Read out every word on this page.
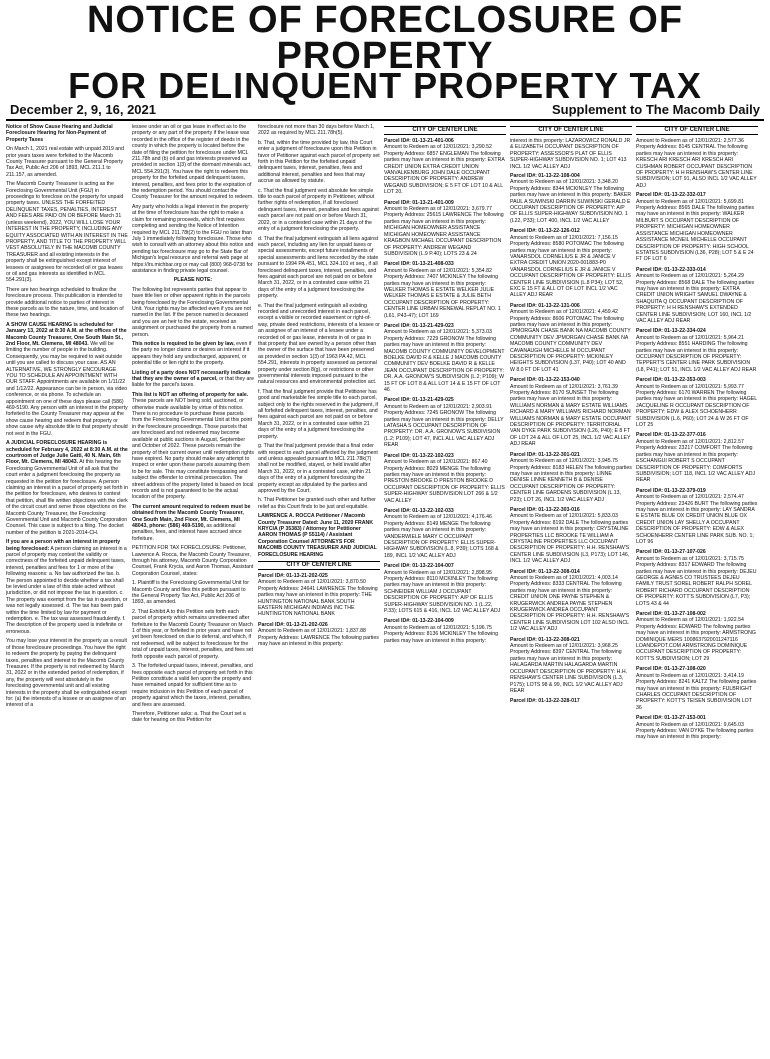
NOTICE OF FORECLOSURE OF PROPERTY
FOR DELINQUENT PROPERTY TAX
December 2, 9, 16, 2021	Supplement to The Macomb Daily

Notice of Show Cause Hearing and Judicial Foreclosure Hearing for Non-Payment of Property Taxes

On March 1, 2021 real estate with unpaid 2019 and prior years taxes were forfeited to the Macomb County Treasurer pursuant to the General Property Tax Act, Public Act 206 of 1893, MCL 211.1 to 211.157, as amended.

The Macomb County Treasurer is acting as the Foreclosing Governmental Unit (FGU) in proceedings to foreclose on the property for unpaid property taxes. UNLESS THE FORFEITED DELINQUENT TAXES, PENALTIES, INTEREST AND FEES ARE PAID ON OR BEFORE March 31 (unless weekend), 2022, YOU WILL LOSE YOUR INTEREST IN THE PROPERTY, INCLUDING ANY EQUITY ASSOCIATED WITH AN INTEREST IN THE PROPERTY, AND TITLE TO THE PROPERTY WILL VEST ABSOLUTELY IN THE MACOMB COUNTY TREASURER and all existing interests in the property shall be extinguished except interest of lessees or assignees for recorded oil or gas leases or oil and gas interests as identified in MCL 554.291(3).

There are two hearings scheduled to finalize the foreclosure process. This publication is intended to provide additional notice to parties of interest in these parcels as to the nature, time, and location of these two hearings.

A SHOW CAUSE HEARING is scheduled for January 13, 2022 at 8:30 A.M. at the offices of the Macomb County Treasurer, One South Main St., 2nd Floor, Mt. Clemens, MI 48043. We will be limiting the number of people in the building. Consequently, you may be required to wait outside until you are called to discuss your case. AS AN ALTERNATIVE, WE STRONGLY ENCOURAGE YOU TO SCHEDULE AN APPOINTMENT WITH OUR STAFF. Appointments are available on 1/11/22 and 1/12/22. Appearance can be in person, via video conference, or via phone. To schedule an appointment on one of these days please call (586) 469-5190. Any person with an interest in the property forfeited to the County Treasurer may appear at the show cause hearing and redeem that property or show cause why absolute title to that property should not vest in the FGU.

A JUDICIAL FORECLOSURE HEARING is scheduled for February 4, 2022 at 8:30 A.M. at the courtroom of Judge Julie Gatti, 40 N. Main, 6th Floor, Mt. Clemens, MI 48043. At this hearing the Foreclosing Governmental Unit of all ask that the court enter a judgment foreclosing the property as requested in the petition for foreclosure. A person claiming an interest in a parcel of property set forth in the petition for foreclosure, who desires to contest that petition, shall file written objections with the clerk of the circuit court and serve those objections on the Macomb County Treasurer, the Foreclosing Governmental Unit and Macomb County Corporation Counsel. This case is subject to a filing. The docket number of the petition is 2021-2014-CH.

If you are a person with an interest in property being foreclosed: A person claiming an interest in a parcel of property may contest the validity or correctness of the forfeited unpaid delinquent taxes, interest, penalties and fees for 1 or more of the following reasons: a. No law authorized the tax. b. The person appointed to decide whether a tax shall be levied under a law of this state acted without jurisdiction, or did not impose the tax in question. c. The property was exempt from the tax in question, or was not legally assessed. d. The tax has been paid within the time limited by law for payment or redemption. e. The tax was assessed fraudulently. f. The description of the property used is indefinite or erroneous.

You may lose your interest in the property as a result of those foreclosure proceedings. You have the right to redeem the property by paying the delinquent taxes, penalties and interest to the Macomb County Treasurer. If the property is not redeemed by March 31, 2022 or in the extended period of redemption, if any, the property will vest absolutely in the foreclosing governmental unit and all existing interests in the property shall be extinguished except for: (a) the interests of a lessee or an assignee of an interest of a

lessee under an oil or gas lease in effect as to the property or any part of the property if the lease was recorded in the office of the register of deeds in the county in which the property is located before the date of filing the petition for foreclosure under MCL 211.78h and (b) oil and gas interests preserved as provided in section 1(3) of the dormant minerals act, MCL 554.291(3). You have the right to redeem this property for the forfeited unpaid delinquent taxes, interest, penalties, and fees prior to the expiration of the redemption period. You should contact the County Treasurer for the amount required to redeem.

Any party who holds a legal interest in the property at the time of foreclosure has the right to make a claim for remaining proceeds, which first requires completing and sending the Notice of Intention required by MCL 211.78t(2) to the FGU no later than July 1 immediately following foreclosure. Those who wish to consult with an attorney about this notice and pending tax foreclosure may go to the State Bar of Michigan's legal resource and referral web page at https://lrs.michbar.org or may call (800) 968-0738 for assistance in finding private legal counsel.

PLEASE NOTE:

The following list represents parties that appear to have title lien or other apparent rights in the parcels being foreclosed by the Foreclosing Governmental Unit. Your rights may be affected even if you are not named in the list. If the person named is deceased and you are an heir to the estate, received an assignment or purchased the property from a named person.

This notice is required to be given by law, even if the party no longer claims or desires an interest if it appears they hold any undischarged, apparent, or potential title or lien right to the property.

Listing of a party does NOT necessarily indicate that they are the owner of a parcel, or that they are liable for the parcel's taxes.

This list is NOT an offering of property for sale. These parcels are NOT being sold, auctioned, or otherwise made available by virtue of this notice. There is no procedure to purchase these parcels from the Foreclosing Governmental Unit at this point in the foreclosure proceedings. Those parcels that are foreclosed and not redeemed may become available at public auctions in August, September and October of 2022. These parcels remain the property of their current owner until redemption rights have expired. No party should make any attempt to inspect or enter upon these parcels assuming them to be for sale. This may constitute trespassing and subject the offender to criminal prosecution. The street address of the property listed is based on local records and is not guaranteed to be the actual location of the property.

The current amount required to redeem must be obtained from the Macomb County Treasurer, One South Main, 2nd Floor, Mt. Clemens, MI 48043, phone: (586) 469-5190, as additional penalties, fees, and interest have accrued since forfeiture.

PETITION FOR TAX FORECLOSURE: Petitioner, Lawrence A. Rocca, the Macomb County Treasurer, through his attorney, Macomb County Corporation Counsel, Frank Krycia, and Aaron Thomas, Assistant Corporation Counsel, states:

1. Plaintiff is the Foreclosing Governmental Unit for Macomb County and files this petition pursuant to the General Property Tax Act, Public Act 206 of 1893, as amended.

2. That Exhibit A to this Petition sets forth each parcel of property which remains unredeemed after forfeiture to the Macomb County Treasurer on March 1 of this year, or forfeited in prior years and have not yet been foreclosed on due to deferral, and which, if not redeemed, will be subject to foreclosure for the total of unpaid taxes, interest, penalties, and fees set forth opposite each parcel of property.

3. The forfeited unpaid taxes, interest, penalties, and fees opposite each parcel of property set forth in this Petition constitute a valid lien upon the property and have remained unpaid for sufficient time as to require inclusion in this Petition of each parcel of property against which the taxes, interest, penalties, and fees are assessed.

Therefore, Petitioner asks: a. That the Court set a date for hearing on this Petition for

foreclosure not more than 30 days before March 1, 2022 as required by MCL 211.78h(5).

b. That, within the time provided by law, this Court enter a judgment of foreclosure upon this Petition in favor of Petitioner against each parcel of property set forth in this Petition for the forfeited unpaid delinquent taxes, interest, penalties, fees and additional interest, penalties and fees that may accrue as allowed by statute.

c. That the final judgment vest absolute fee simple title to each parcel of property in Petitioner, without further rights of redemption, if all foreclosed delinquent taxes, interest, penalties and fees against each parcel are not paid on or before March 31, 2022, or in a contested case within 21 days of the entry of a judgment foreclosing the property.

d. That the final judgment extinguish all liens against each parcel, including any lien for unpaid taxes or special assessments, except future installments of special assessments and liens recorded by the state pursuant to 1994 PA 451, MCL 324.101 et seq., if all foreclosed delinquent taxes, interest, penalties, and fees against each parcel are not paid on or before March 31, 2022, or in a contested case within 21 days of the entry of a judgment foreclosing the property.

e. That the final judgment extinguish all existing recorded and unrecorded interest in each parcel, except a visible or recorded easement or right-of-way, private deed restrictions, interests of a lessee or an assignee of an interest of a lessee under a recorded oil or gas lease, interests in oil or gas in that property that are owned by a person other than the owner of the surface that have been preserved as provided in section 1(3) of 1963 PA 42, MCL 554.291, interests in property assessed as personal property under section 8(g), or restrictions or other governmental interests imposed pursuant to the natural resources and environmental protection act.

f. That the final judgment provide that Petitioner has good and marketable fee simple title to each parcel, subject only to the rights reserved in the judgment, if all forfeited delinquent taxes, interest, penalties, and fees against each parcel are not paid on or before March 31, 2022, or in a contested case within 21 days of the entry of a judgment foreclosing the property.

g. That the final judgment provide that a final order with respect to each parcel affected by the judgment and unless appealed pursuant to MCL 211.78k(7) shall not be modified, stayed, or held invalid after March 31, 2022, or in a contested case, within 21 days of the entry of a judgment foreclosing the property except as stipulated by the parties and approved by the Court.

h. That Petitioner be granted such other and further relief as this Court finds to be just and equitable.

LAWRENCE A. ROCCA Petitioner / Macomb County Treasurer Dated: June 11, 2020 FRANK KRYCIA (P 35383) / Attorney for Petitioner AARON THOMAS (P 55114) / Assistant Corporation Counsel ATTORNEYS FOR MACOMB COUNTY TREASURER AND JUDICIAL FORECLOSURE HEARING

CITY OF CENTER LINE
Parcel ID#: 01-13-21-202-025
Amount to Redeem as of 12/01/2021: 3,870.50 Property Address: 24641 LAWRENCE The following parties may have an interest in this property: THE HUNTINGTON NATIONAL BANK SOUTH EASTERN MICHIGAN INDIANS INC THE HUNTINGTON NATIONAL BANK
Parcel ID#: 01-13-21-202-026
Amount to Redeem as of 12/01/2021: 1,837.88 Property Address: LAWRENCE The following parties may have an interest in this property:
CITY OF CENTER LINE
Parcel ID#: 01-13-21-401-006
Amount to Redeem as of 12/01/2021: 3,290.52 Property Address: 6857 ENGLEMAN The following parties may have an interest in this property: EXTRA CREDIT UNION EXTRA CREDIT UNION VANVALKENBURG JOHN DALE OCCUPANT DESCRIPTION OF PROPERTY: ANDREW WEGAND SUBDIVISION; E 5 FT OF LOT 10 & ALL LOT 20.
Parcel ID#: 01-13-21-401-009
Amount to Redeem as of 12/01/2021: 3,679.77 Property Address: 25615 LAWRENCE The following parties may have an interest in this property: MICHIGAN HOMEOWNER ASSISTANCE MICHIGAN HOMEOWNER ASSISTANCE KRAGBON MICHAEL OCCUPANT DESCRIPTION OF PROPERTY: ANDREW WEGAND SUBDIVISION (L.9 P.40); LOTS 23 & 24
Parcel ID#: 01-13-21-408-033
Amount to Redeem as of 12/01/2021: 5,354.82 Property Address: 7407 MCKINLEY The following parties may have an interest in this property: WELKER THOMAS E ESTATE WELKER JULIE WELKER THOMAS E ESTATE & JULIE BETH OCCUPANT DESCRIPTION OF PROPERTY: CENTER LINE URBAN RENEWAL REPLAT NO. 1 (L61, P43-47); LOT 169
Parcel ID#: 01-13-21-429-023
Amount to Redeem as of 12/01/2021: 5,373.03 Property Address: 7229 GRONOW The following parties may have an interest in this property: MACOMB COUNTY COMMUNITY DEVELOPMENT BOELKE DAVID R & KELLE J MACOMB COUNTY COMMUNITY DEV BOELKE DAVID R & KELLE JEAN OCCUPANT DESCRIPTION OF PROPERTY: DR. A.A. GRONOW'S SUBDIVISION (L.2; P109); W 15 FT OF LOT 8 & ALL LOT 14 & E 15 FT OF LOT 46
Parcel ID#: 01-13-21-429-025
Amount to Redeem as of 12/01/2021: 2,903.91 Property Address: 7245 GRONOW The following parties may have an interest in this property: DELLY LATASHA S OCCUPANT DESCRIPTION OF PROPERTY: DR. A.A. GRONOW'S SUBDIVISION (L.2; P109); LOT 47, INCL ALL VAC ALLEY ADJ REAR
Parcel ID#: 01-13-22-102-023
Amount to Redeem as of 12/01/2021: 867.40 Property Address: 8029 MENGE The following parties may have an interest in this property: PRESTON BROOKE D PRESTON BROOKE D OCCUPANT DESCRIPTION OF PROPERTY: ELLIS SUPER-HIGHWAY SUBDIVISION LOT 266 & 1/2 VAC ALLEY
Parcel ID#: 01-13-22-102-033
Amount to Redeem as of 12/01/2021: 4,176.46 Property Address: 8149 MENGE The following parties may have an interest in this property: VANDERWIELE MARY C OCCUPANT DESCRIPTION OF PROPERTY: ELLIS SUPER-HIGHWAY SUBDIVISION (L.8, P39); LOTS 168 & 189, INCL 1/2 VAC ALLEY ADJ
Parcel ID#: 01-13-22-104-007
Amount to Redeem as of 12/01/2021: 2,898.95 Property Address: 8110 MCKINLEY The following parties may have an interest in this property: SCHNEIDER WILLIAM J OCCUPANT DESCRIPTION OF PROPERTY: A/P OF ELLIS SUPER-HIGHWAY SUBDIVISION NO. 1 (L.22, P.33); LOTS 615 & 416, INCL 1/2 VAC ALLEY ADJ
Parcel ID#: 01-13-22-104-009
Amount to Redeem as of 12/01/2021: 5,196.75 Property Address: 8136 MCKINLEY The following parties may have an interest in this property:
CITY OF CENTER LINE

interest in this property: LAZAROWICZ RONALD JR & ELIZABETH OCCUPANT DESCRIPTION OF PROPERTY: ASSESSOR'S PLAT OF ELLIS SUPER-HIGHWAY SUBDIVISION NO. 1; LOT 413 INCL 1/2 VAC ALLEY ADJ

Parcel ID#: 01-13-22-108-004
Amount to Redeem as of 12/01/2021: 3,348.20 Property Address: 8344 MCKINLEY The following parties may have an interest in this property: BAKER PAUL A SUWINSKI DARRIN SUWINSKI GERALD E OCCUPANT DESCRIPTION OF PROPERTY: A/P OF ELLIS SUPER-HIGHWAY SUBDIVISION NO. 1 (L22, P33); LOT 400, INCL 1/2 VAC ALLEY
Parcel ID#: 01-13-22-126-012
Amount to Redeem as of 12/01/2021: 7,156.15 Property Address: 8580 POTOMAC The following parties may have an interest in this property: VANARSDOL CORNELIUS E JR & JANICE V EXTRA CREDIT UNION 2020-001883-P0 VANARSDOL CORNELIUS E JR & JANICE V OCCUPANT DESCRIPTION OF PROPERTY: ELLIS CENTER LINE SUBDIVISION (L.8 P34); LOT 52, EXC E 15 FT & ALL OT OF LOT INCL 1/2 VAC ALLEY ADJ REAR
Parcel ID#: 01-13-22-131-006
Amount to Redeem as of 12/01/2021: 4,459.42 Property Address: 8606 POTOMAC The following parties may have an interest in this property: JPMORGAN CHASE BANK NA MACOMB COUNTY COMMUNITY DEV JPMORGAN CHASE BANK NA MACOMB COUNTY COMMUNITY DEV CAVANAUGH MICHELLE M OCCUPANT DESCRIPTION OF PROPERTY: MCKINLEY HEIGHTS SUBDIVISION (L37, P40); LOT 40 AND W 8.0 FT OF LOT 41
Parcel ID#: 01-13-22-153-040
Amount to Redeem as of 12/01/2021: 3,761.39 Property Address: 8170 SUNSET The following parties may have an interest in this property: WILLIAMS NORMAN & MARY ESTATE WILLIAMS RICHARD & MARY WILLIAMS RICHARD NORMAN WILLIAMS NORMAN & MARY ESTATE OCCUPANT DESCRIPTION OF PROPERTY: TERRITORIAL VAN DYKE PARK SUBDIVISION (L26, P40); E 8 FT OF LOT 24 & ALL OF LOT 25, INCL 1/2 VAC ALLEY ADJ REAR
Parcel ID#: 01-13-22-301-021
Amount to Redeem as of 12/01/2021: 3,945.75 Property Address: 8183 HELEN The following parties may have an interest in this property: LINNE DENISE LINNE KENNETH B & DENISE OCCUPANT DESCRIPTION OF PROPERTY: CENTER LINE GARDENS SUBDIVISION (L.13, P23); LOT 26, INCL 1/2 VAC ALLEY ADJ
Parcel ID#: 01-13-22-303-016
Amount to Redeem as of 12/01/2021: 5,833.03 Property Address: 8192 DALE The following parties may have an interest in this property: CRYSTALINE PROPERTIES LLC BROOKE TE WILLIAM A CRYSTALINE PROPERTIES LLC OCCUPANT DESCRIPTION OF PROPERTY: H.H. RENSHAW'S CENTER LINE SUBDIVISION (L3, P173); LOT 146, INCL 1/2 VAC ALLEY ADJ
Parcel ID#: 01-13-22-308-014
Amount to Redeem as of 12/01/2021: 4,003.14 Property Address: 8333 CENTRAL The following parties may have an interest in this property: CREDIT UNION ONE PAYNE STEPHEN & KRUGERWICK ANDREA PAYNE STEPHEN KRUGERWICK ANDREA OCCUPANT DESCRIPTION OF PROPERTY: H.H. RENSHAW'S CENTER LINE SUBDIVISION LOT 102 ALSO INCL 1/2 VAC ALLEY ADJ
Parcel ID#: 01-13-22-308-021
Amount to Redeem as of 12/01/2021: 3,968.25 Property Address: 8397 CENTRAL The following parties may have an interest in this property: HALAGARDA MARTIN HALAGARDA MARTIN OCCUPANT DESCRIPTION OF PROPERTY: H.H. RENSHAW'S CENTER LINE SUBDIVISION (L.3, P175); LOTS 98 & 99, INCL 1/2 VAC ALLEY ADJ REAR
Parcel ID#: 01-13-22-328-017
CITY OF CENTER LINE

Amount to Redeem as of 12/01/2021: 2,577.36 Property Address: 8145 CENTRAL The following parties may have an interest in this property: KRESCH ARI KRESCH ARI KRESCH ARI CUSHMAN ROBERT OCCUPANT DESCRIPTION OF PROPERTY: H H RENSHAW'S CENTER LINE SUBDIVISION; LOT 91, ALSO INCL 1/2 VAC ALLEY ADJ

Parcel ID#: 01-13-22-332-017
Amount to Redeem as of 12/01/2021: 5,699.81 Property Address: 8565 DALE The following parties may have an interest in this property: WALKER MILBURT S OCCUPANT DESCRIPTION OF PROPERTY: MICHIGAN HOMEOWNER ASSISTANCE MICHIGAN HOMEOWNER ASSISTANCE MCNEIL MICHELLE OCCUPANT DESCRIPTION OF PROPERTY: HIGH SCHOOL ESTATES SUBDIVISION (L36, P28); LOT 5 & E 24 FT OF LOT 6
Parcel ID#: 01-13-22-333-014
Amount to Redeem as of 12/01/2021: 5,264.29 Property Address: 8568 DALE The following parties may have an interest in this property: EXTRA CREDIT UNION WRIGHT SAMUEL DWAYNE & SHAQUITA Q OCCUPANT DESCRIPTION OF PROPERTY: H H RENSHAW'S EXTENDED CENTER LINE SUBDIVISION; LOT 160, INCL 1/2 VAC ALLEY ADJ REAR
Parcel ID#: 01-13-22-334-024
Amount to Redeem as of 12/01/2021: 5,964.21 Property Address: 8551 HARDING The following parties may have an interest in this property: OCCUPANT DESCRIPTION OF PROPERTY: TEPPERT'S CENTER LINE PARK SUBDIVISION (L8, P41); LOT 51, INCL 1/2 VAC ALLEY ADJ REAR
Parcel ID#: 01-13-22-353-003
Amount to Redeem as of 12/01/2021: 5,993.77 Property Address: 6170 WARREN The following parties may have an interest in this property: HAGEL JACQUELINE R OCCUPANT DESCRIPTION OF PROPERTY: EDW & ALEX SCHOENHERR SUBDIVISION (L.6, P60); LOT 24 & W 26 FT OF LOT 25
Parcel ID#: 01-13-22-377-016
Amount to Redeem as of 12/01/2021: 2,812.57 Property Address: 23217 COMFORT The following parties may have an interest in this property: ESCHANGUI ROBERT S OCCUPANT DESCRIPTION OF PROPERTY: COMFORTS SUBDIVISION; LOT 118, INCL 1/2 VAC ALLEY ADJ REAR
Parcel ID#: 01-13-22-379-019
Amount to Redeem as of 12/01/2021: 2,574.47 Property Address: 23426 BURT The following parties may have an interest in this property: LAY SANDRA E ESTATE BLUE OX CREDIT UNION BLUE OX CREDIT UNION LAY SHELLY A OCCUPANT DESCRIPTION OF PROPERTY: EDW & ALEX SCHOENHERR CENTER LINE PARK SUB. NO. 1; LOT 96
Parcel ID#: 01-13-27-107-026
Amount to Redeem as of 12/01/2021: 3,715.75 Property Address: 8317 EDWARD The following parties may have an interest in this property: DEJEU GEORGE & AGNES CO TRUSTEES DEJEU FAMILY TRUST SOREL ROBERT RALPH SOREL ROBERT RICHARD OCCUPANT DESCRIPTION OF PROPERTY: KOTT'S SUBDIVISION (L7, P3); LOTS 43 & 44
Parcel ID#: 01-13-27-108-002
Amount to Redeem as of 12/01/2021: 1,922.54 Property Address: EDWARD The following parties may have an interest in this property: ARMSTRONG DOMINIQUE MERS 1008637920011247116 LOANDEPOT.COM ARMSTRONG DOMINIQUE OCCUPANT DESCRIPTION OF PROPERTY: KOTT'S SUBDIVISION; LOT 29
Parcel ID#: 01-13-27-108-020
Amount to Redeem as of 12/01/2021: 3,414.19 Property Address: 8241 KALTZ The following parties may have an interest in this property: FULBRIGHT CHARLES OCCUPANT DESCRIPTION OF PROPERTY: KOTT'S TEISEN SUBDIVISION LOT 36
Parcel ID#: 01-13-27-153-001
Amount to Redeem as of 12/01/2021: 9,645.03 Property Address: VAN DYKE The following parties may have an interest in this property:
